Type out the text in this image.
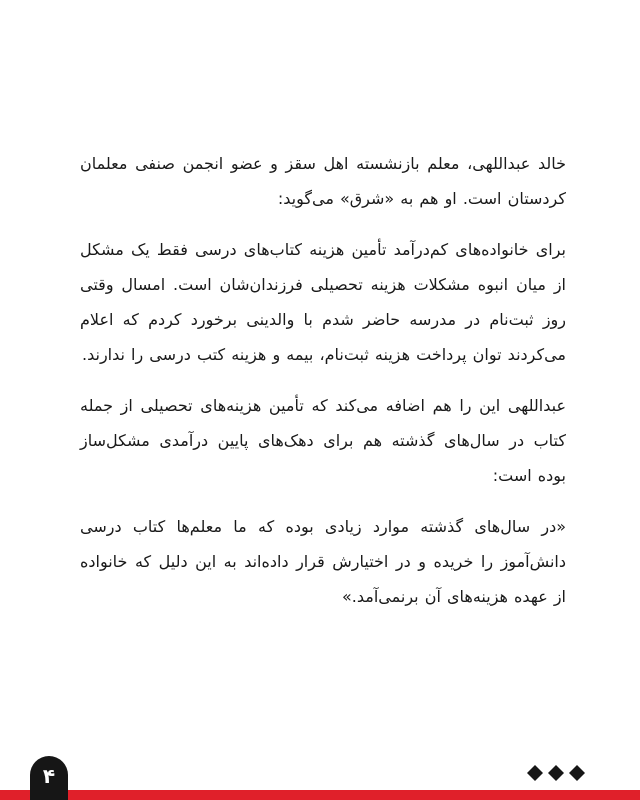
خالد عبداللهی، معلم بازنشسته اهل سقز و عضو انجمن صنفی معلمان کردستان است. او هم به «شرق» می‌گوید:

برای خانواده‌های کم‌درآمد تأمین هزینه کتاب‌های درسی فقط یک مشکل از میان انبوه مشکلات هزینه تحصیلی فرزندان‌شان است. امسال وقتی روز ثبت‌نام در مدرسه حاضر شدم با والدینی برخورد کردم که اعلام می‌کردند توان پرداخت هزینه ثبت‌نام، بیمه و هزینه کتب درسی را ندارند.

عبداللهی این را هم اضافه می‌کند که تأمین هزینه‌های تحصیلی از جمله کتاب در سال‌های گذشته هم برای دهک‌های پایین درآمدی مشکل‌ساز بوده است:

«در سال‌های گذشته موارد زیادی بوده که ما معلم‌ها کتاب درسی دانش‌آموز را خریده و در اختیارش قرار داده‌اند به این دلیل که خانواده از عهده هزینه‌های آن برنمی‌آمد.»

۴
